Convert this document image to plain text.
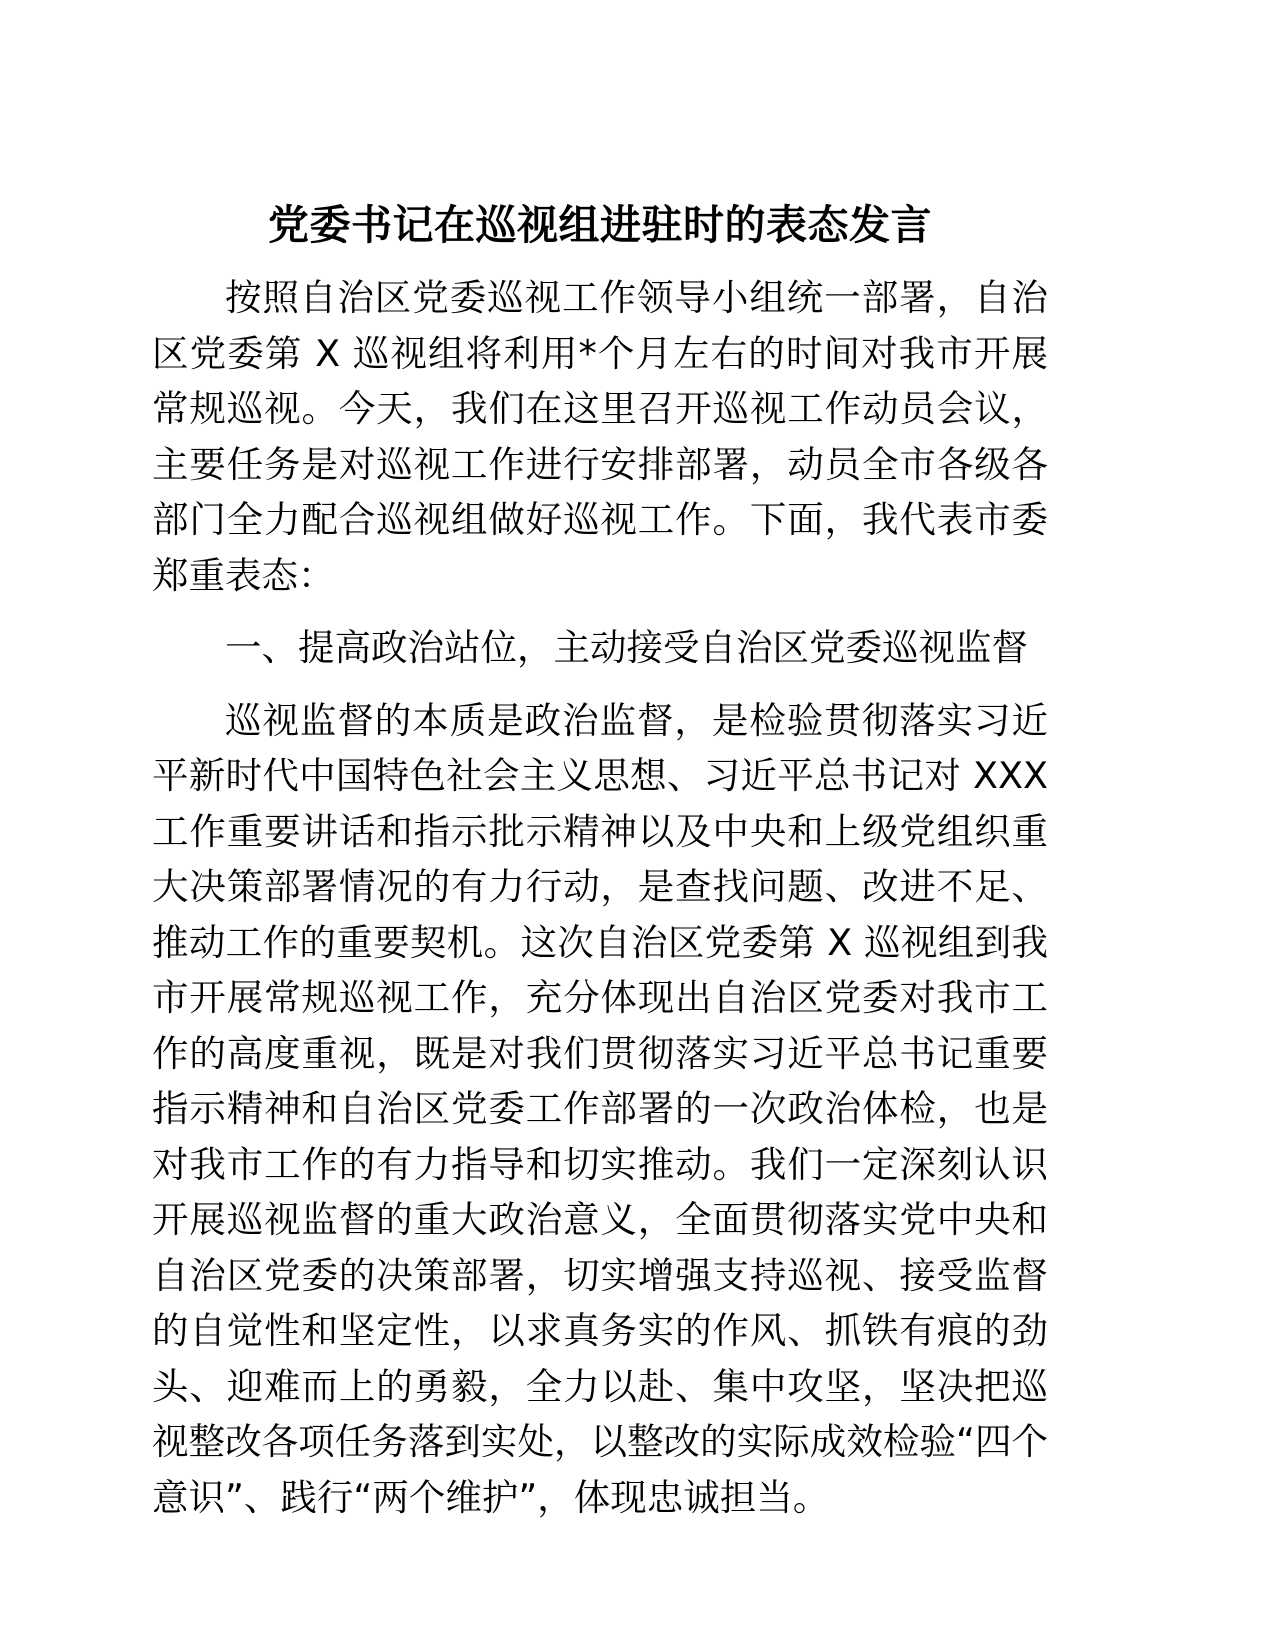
党委书记在巡视组进驻时的表态发言

按照自治区党委巡视工作领导小组统一部署，自治区党委第 X 巡视组将利用*个月左右的时间对我市开展常规巡视。今天，我们在这里召开巡视工作动员会议，主要任务是对巡视工作进行安排部署，动员全市各级各部门全力配合巡视组做好巡视工作。下面，我代表市委郑重表态：

一、提高政治站位，主动接受自治区党委巡视监督

巡视监督的本质是政治监督，是检验贯彻落实习近平新时代中国特色社会主义思想、习近平总书记对 XXX 工作重要讲话和指示批示精神以及中央和上级党组织重大决策部署情况的有力行动，是查找问题、改进不足、推动工作的重要契机。这次自治区党委第 X 巡视组到我市开展常规巡视工作，充分体现出自治区党委对我市工作的高度重视，既是对我们贯彻落实习近平总书记重要指示精神和自治区党委工作部署的一次政治体检，也是对我市工作的有力指导和切实推动。我们一定深刻认识开展巡视监督的重大政治意义，全面贯彻落实党中央和自治区党委的决策部署，切实增强支持巡视、接受监督的自觉性和坚定性，以求真务实的作风、抓铁有痕的劲头、迎难而上的勇毅，全力以赴、集中攻坚，坚决把巡视整改各项任务落到实处，以整改的实际成效检验“四个意识”、践行“两个维护”，体现忠诚担当。
